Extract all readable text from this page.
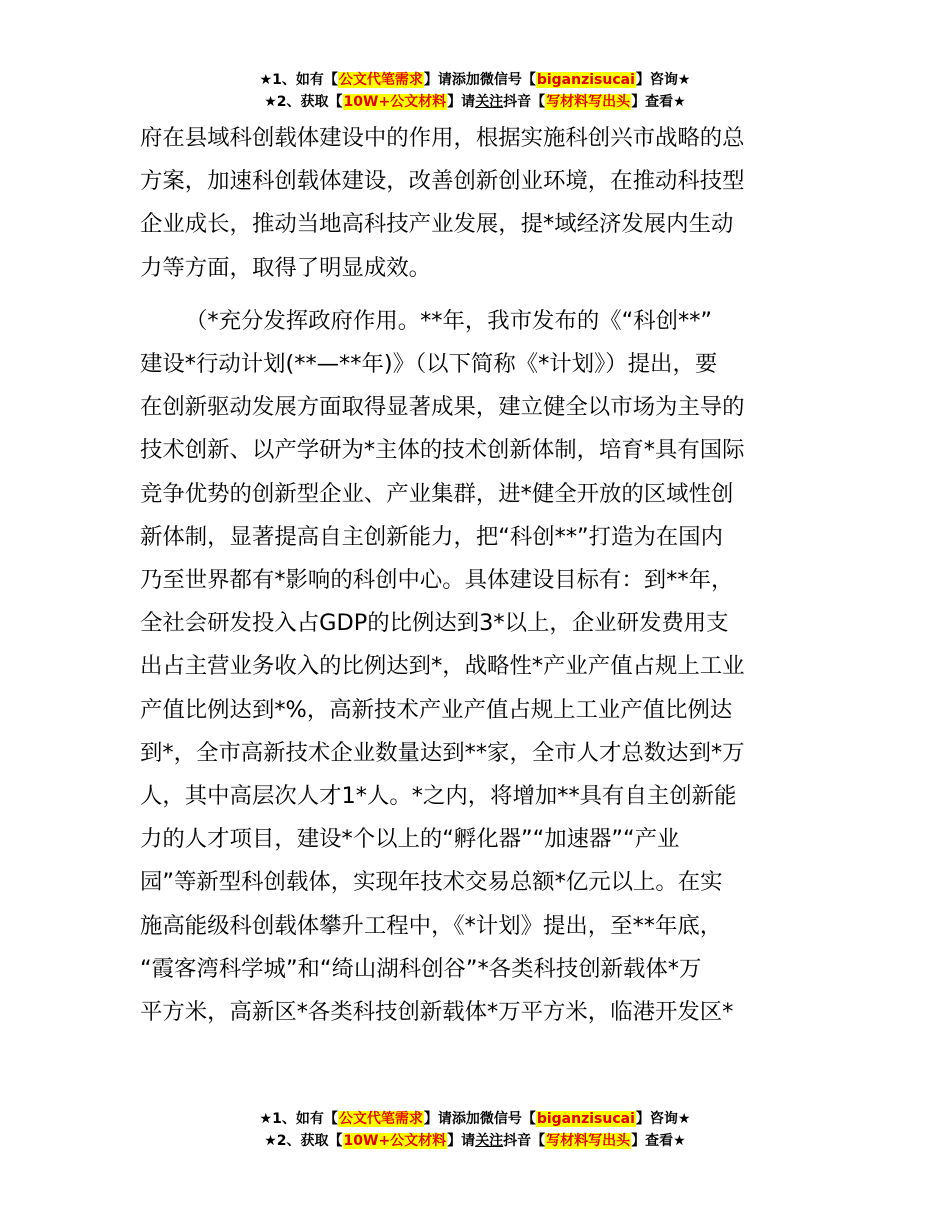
★1、如有【公文代笔需求】请添加微信号【biganzisucai】咨询★
★2、获取【10W+公文材料】请关注抖音【写材料写出头】查看★
府在县域科创载体建设中的作用，根据实施科创兴市战略的总
方案，加速科创载体建设，改善创新创业环境，在推动科技型
企业成长，推动当地高科技产业发展，提*域经济发展内生动
力等方面，取得了明显成效。
（*充分发挥政府作用。**年，我市发布的《“科创**”
建设*行动计划(**—**年)》（以下简称《*计划》）提出，要
在创新驱动发展方面取得显著成果，建立健全以市场为主导的
技术创新、以产学研为*主体的技术创新体制，培育*具有国际
竞争优势的创新型企业、产业集群，进*健全开放的区域性创
新体制，显著提高自主创新能力，把“科创**”打造为在国内
乃至世界都有*影响的科创中心。具体建设目标有：到**年，
全社会研发投入占GDP的比例达到3*以上，企业研发费用支
出占主营业务收入的比例达到*，战略性*产业产值占规上工业
产值比例达到*%，高新技术产业产值占规上工业产值比例达
到*，全市高新技术企业数量达到**家，全市人才总数达到*万
人，其中高层次人才1*人。*之内，将增加**具有自主创新能
力的人才项目，建设*个以上的“孵化器”“加速器”“产业
园”等新型科创载体，实现年技术交易总额*亿元以上。在实
施高能级科创载体攀升工程中，《*计划》提出，至**年底，
“霞客湾科学城”和“绮山湖科创谷”*各类科技创新载体*万
平方米，高新区*各类科技创新载体*万平方米，临港开发区*
★1、如有【公文代笔需求】请添加微信号【biganzisucai】咨询★
★2、获取【10W+公文材料】请关注抖音【写材料写出头】查看★
